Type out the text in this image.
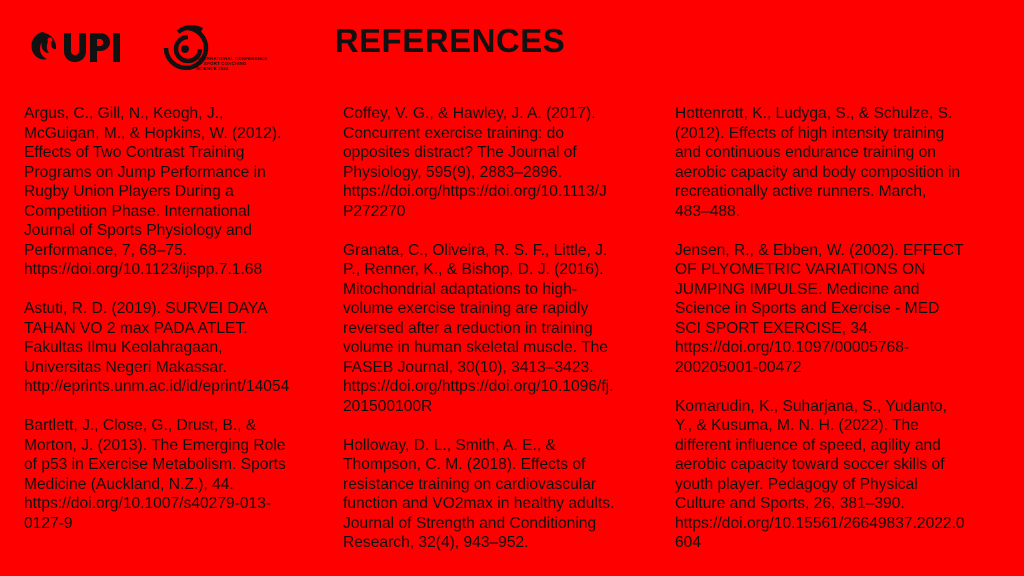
INTERNATIONAL CONFERENCE
OF SPORT COACHING
SCIENCE 2024
REFERENCES
Argus, C., Gill, N., Keogh, J.,
McGuigan, M., & Hopkins, W. (2012).
Effects of Two Contrast Training
Programs on Jump Performance in
Rugby Union Players During a
Competition Phase. International
Journal of Sports Physiology and
Performance, 7, 68–75.
https://doi.org/10.1123/ijspp.7.1.68
Astuti, R. D. (2019). SURVEI DAYA
TAHAN VO 2 max PADA ATLET.
Fakultas Ilmu Keolahragaan,
Universitas Negeri Makassar.
http://eprints.unm.ac.id/id/eprint/14054
Bartlett, J., Close, G., Drust, B., &
Morton, J. (2013). The Emerging Role
of p53 in Exercise Metabolism. Sports
Medicine (Auckland, N.Z.), 44.
https://doi.org/10.1007/s40279-013-
0127-9
Coffey, V. G., & Hawley, J. A. (2017).
Concurrent exercise training: do
opposites distract? The Journal of
Physiology, 595(9), 2883–2896.
https://doi.org/https://doi.org/10.1113/J
P272270
Granata, C., Oliveira, R. S. F., Little, J.
P., Renner, K., & Bishop, D. J. (2016).
Mitochondrial adaptations to high-
volume exercise training are rapidly
reversed after a reduction in training
volume in human skeletal muscle. The
FASEB Journal, 30(10), 3413–3423.
https://doi.org/https://doi.org/10.1096/fj.
201500100R
Holloway, D. L., Smith, A. E., &
Thompson, C. M. (2018). Effects of
resistance training on cardiovascular
function and VO2max in healthy adults.
Journal of Strength and Conditioning
Research, 32(4), 943–952.
Hottenrott, K., Ludyga, S., & Schulze, S.
(2012). Effects of high intensity training
and continuous endurance training on
aerobic capacity and body composition in
recreationally active runners. March,
483–488.
Jensen, R., & Ebben, W. (2002). EFFECT
OF PLYOMETRIC VARIATIONS ON
JUMPING IMPULSE. Medicine and
Science in Sports and Exercise - MED
SCI SPORT EXERCISE, 34.
https://doi.org/10.1097/00005768-
200205001-00472
Komarudin, K., Suharjana, S., Yudanto,
Y., & Kusuma, M. N. H. (2022). The
different influence of speed, agility and
aerobic capacity toward soccer skills of
youth player. Pedagogy of Physical
Culture and Sports, 26, 381–390.
https://doi.org/10.15561/26649837.2022.0
604
